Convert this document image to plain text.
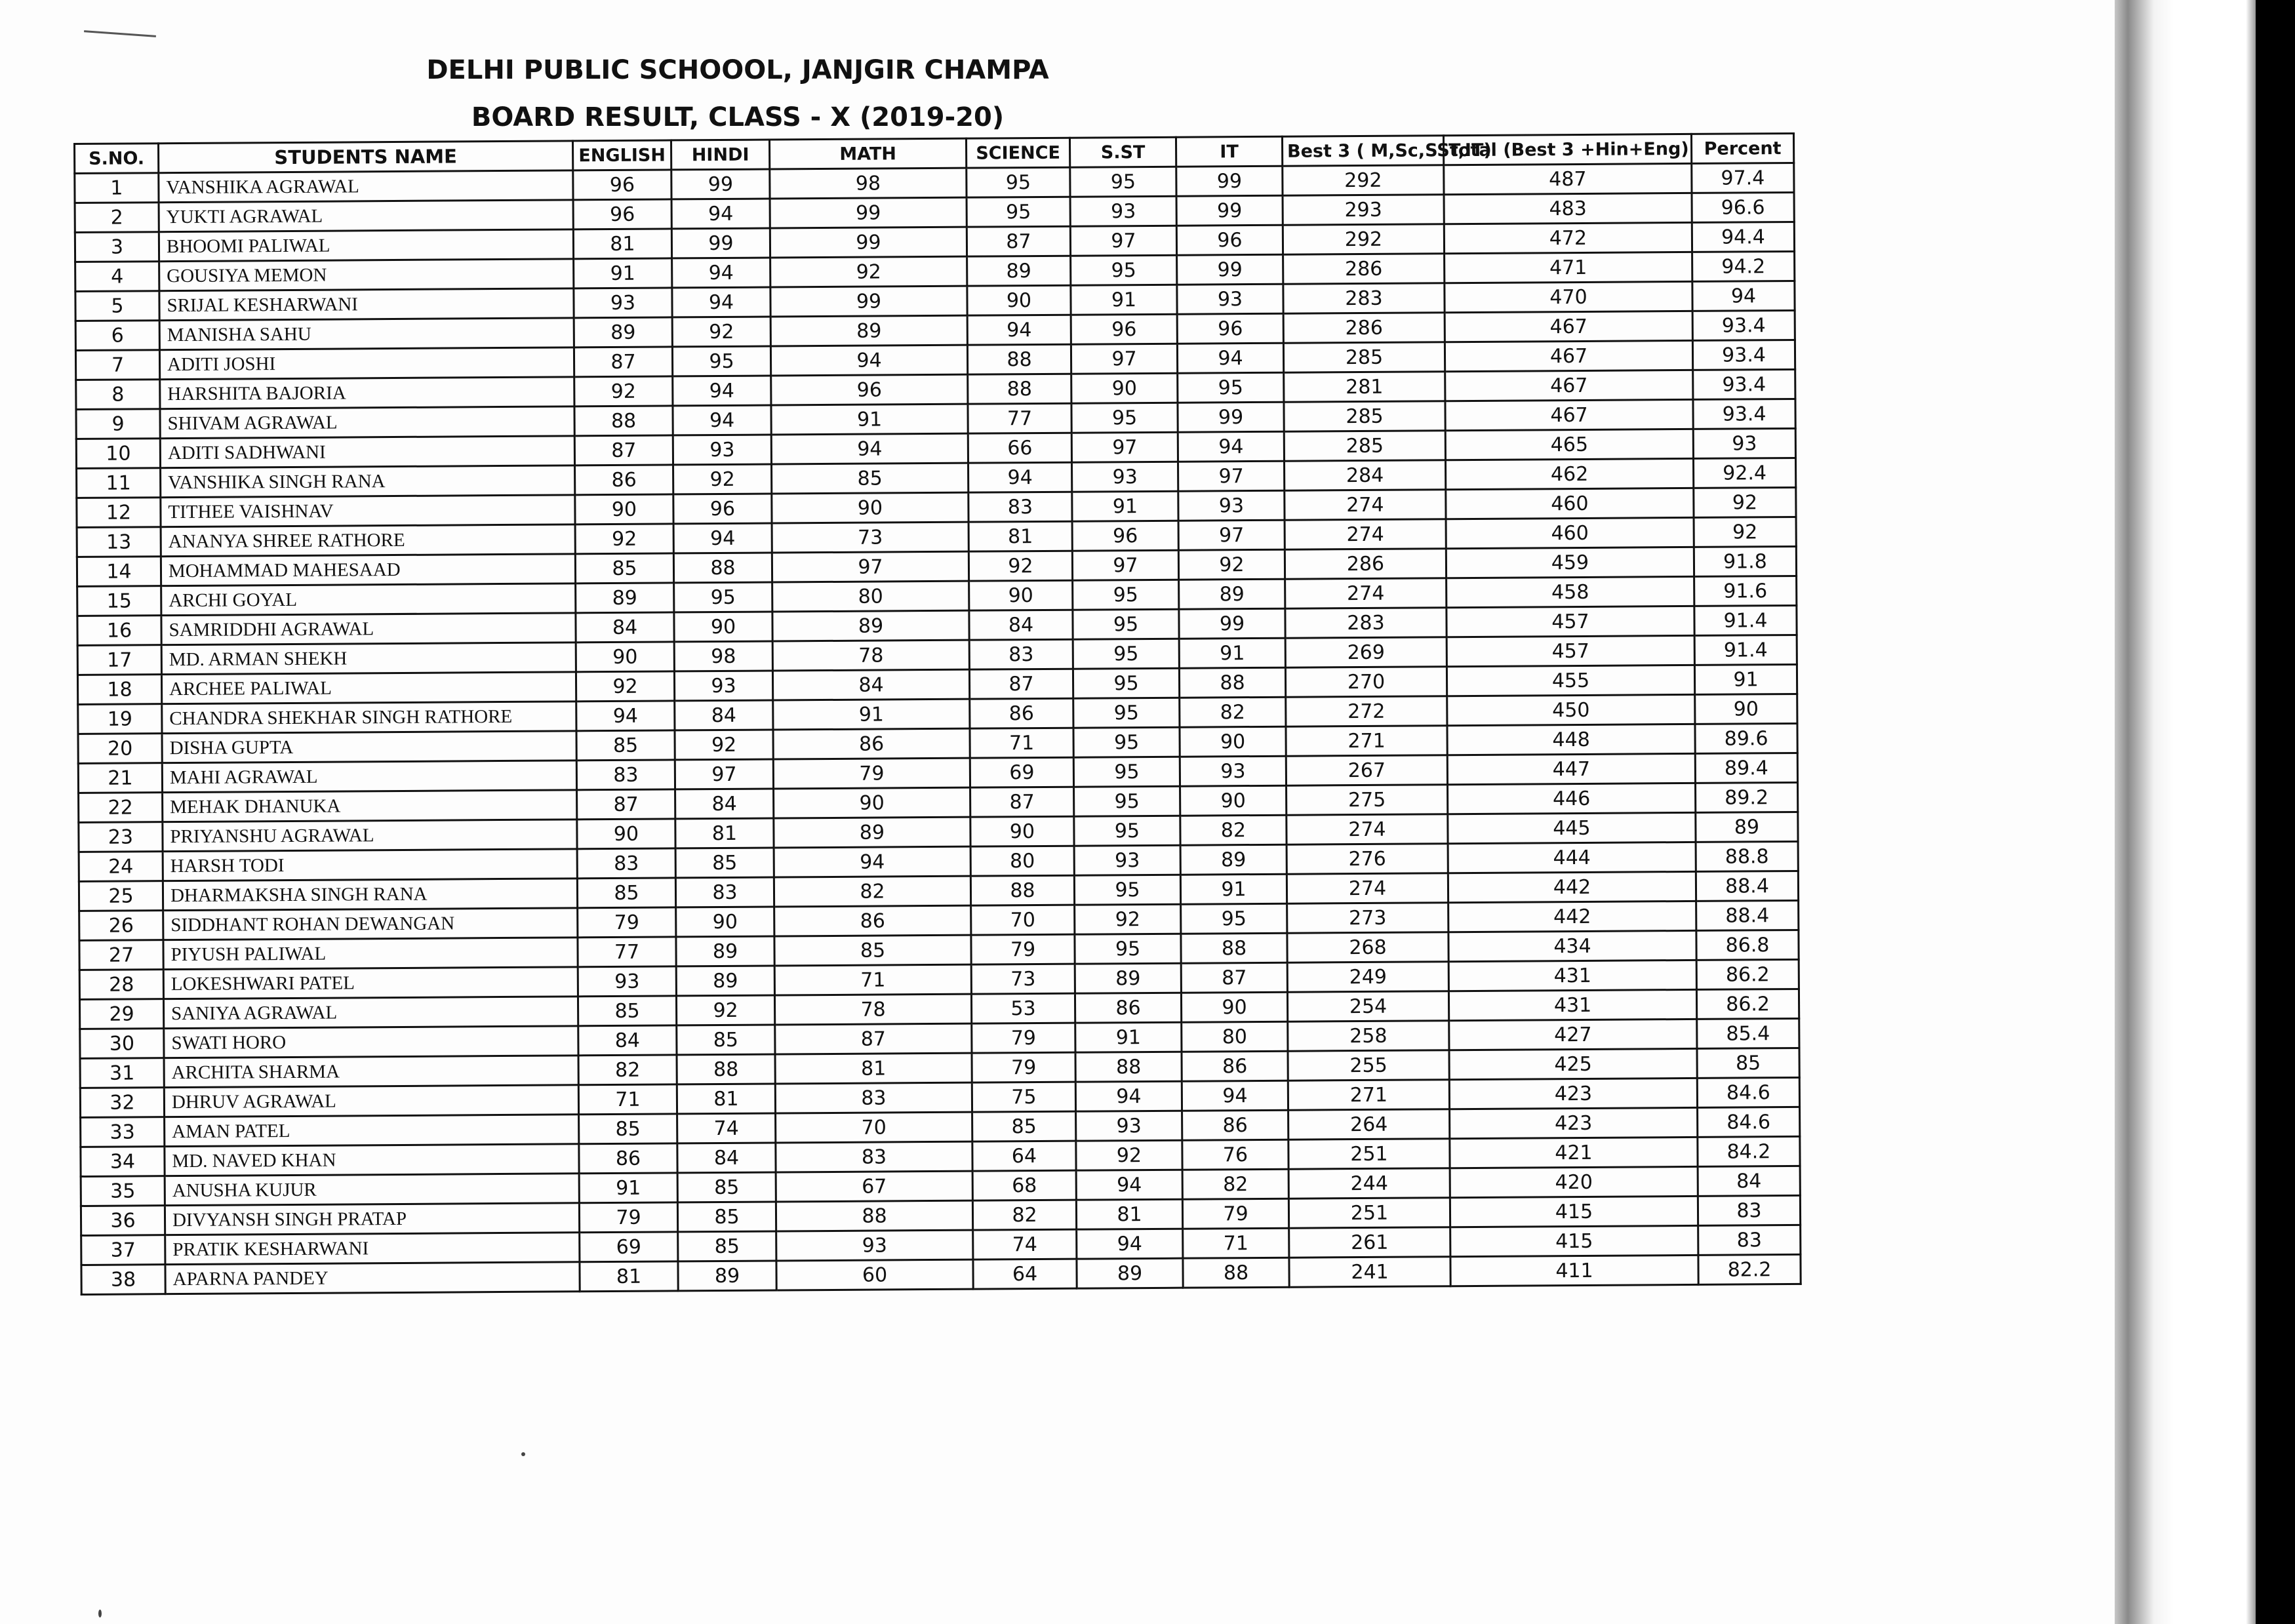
DELHI PUBLIC SCHOOOL, JANJGIR CHAMPA
BOARD RESULT, CLASS - X (2019-20)
S.NO.	STUDENTS NAME	ENGLISH	HINDI	MATH	SCIENCE	S.ST	IT	Best 3 ( M,Sc,SSt,IT)	Total (Best 3 +Hin+Eng)	Percent
1	VANSHIKA AGRAWAL	96	99	98	95	95	99	292	487	97.4
2	YUKTI AGRAWAL	96	94	99	95	93	99	293	483	96.6
3	BHOOMI PALIWAL	81	99	99	87	97	96	292	472	94.4
4	GOUSIYA MEMON	91	94	92	89	95	99	286	471	94.2
5	SRIJAL KESHARWANI	93	94	99	90	91	93	283	470	94
6	MANISHA SAHU	89	92	89	94	96	96	286	467	93.4
7	ADITI JOSHI	87	95	94	88	97	94	285	467	93.4
8	HARSHITA BAJORIA	92	94	96	88	90	95	281	467	93.4
9	SHIVAM AGRAWAL	88	94	91	77	95	99	285	467	93.4
10	ADITI SADHWANI	87	93	94	66	97	94	285	465	93
11	VANSHIKA SINGH RANA	86	92	85	94	93	97	284	462	92.4
12	TITHEE VAISHNAV	90	96	90	83	91	93	274	460	92
13	ANANYA SHREE RATHORE	92	94	73	81	96	97	274	460	92
14	MOHAMMAD MAHESAAD	85	88	97	92	97	92	286	459	91.8
15	ARCHI GOYAL	89	95	80	90	95	89	274	458	91.6
16	SAMRIDDHI AGRAWAL	84	90	89	84	95	99	283	457	91.4
17	MD. ARMAN SHEKH	90	98	78	83	95	91	269	457	91.4
18	ARCHEE PALIWAL	92	93	84	87	95	88	270	455	91
19	CHANDRA SHEKHAR SINGH RATHORE	94	84	91	86	95	82	272	450	90
20	DISHA GUPTA	85	92	86	71	95	90	271	448	89.6
21	MAHI AGRAWAL	83	97	79	69	95	93	267	447	89.4
22	MEHAK DHANUKA	87	84	90	87	95	90	275	446	89.2
23	PRIYANSHU AGRAWAL	90	81	89	90	95	82	274	445	89
24	HARSH TODI	83	85	94	80	93	89	276	444	88.8
25	DHARMAKSHA SINGH RANA	85	83	82	88	95	91	274	442	88.4
26	SIDDHANT ROHAN DEWANGAN	79	90	86	70	92	95	273	442	88.4
27	PIYUSH PALIWAL	77	89	85	79	95	88	268	434	86.8
28	LOKESHWARI PATEL	93	89	71	73	89	87	249	431	86.2
29	SANIYA AGRAWAL	85	92	78	53	86	90	254	431	86.2
30	SWATI HORO	84	85	87	79	91	80	258	427	85.4
31	ARCHITA SHARMA	82	88	81	79	88	86	255	425	85
32	DHRUV AGRAWAL	71	81	83	75	94	94	271	423	84.6
33	AMAN PATEL	85	74	70	85	93	86	264	423	84.6
34	MD. NAVED KHAN	86	84	83	64	92	76	251	421	84.2
35	ANUSHA KUJUR	91	85	67	68	94	82	244	420	84
36	DIVYANSH SINGH PRATAP	79	85	88	82	81	79	251	415	83
37	PRATIK KESHARWANI	69	85	93	74	94	71	261	415	83
38	APARNA PANDEY	81	89	60	64	89	88	241	411	82.2
